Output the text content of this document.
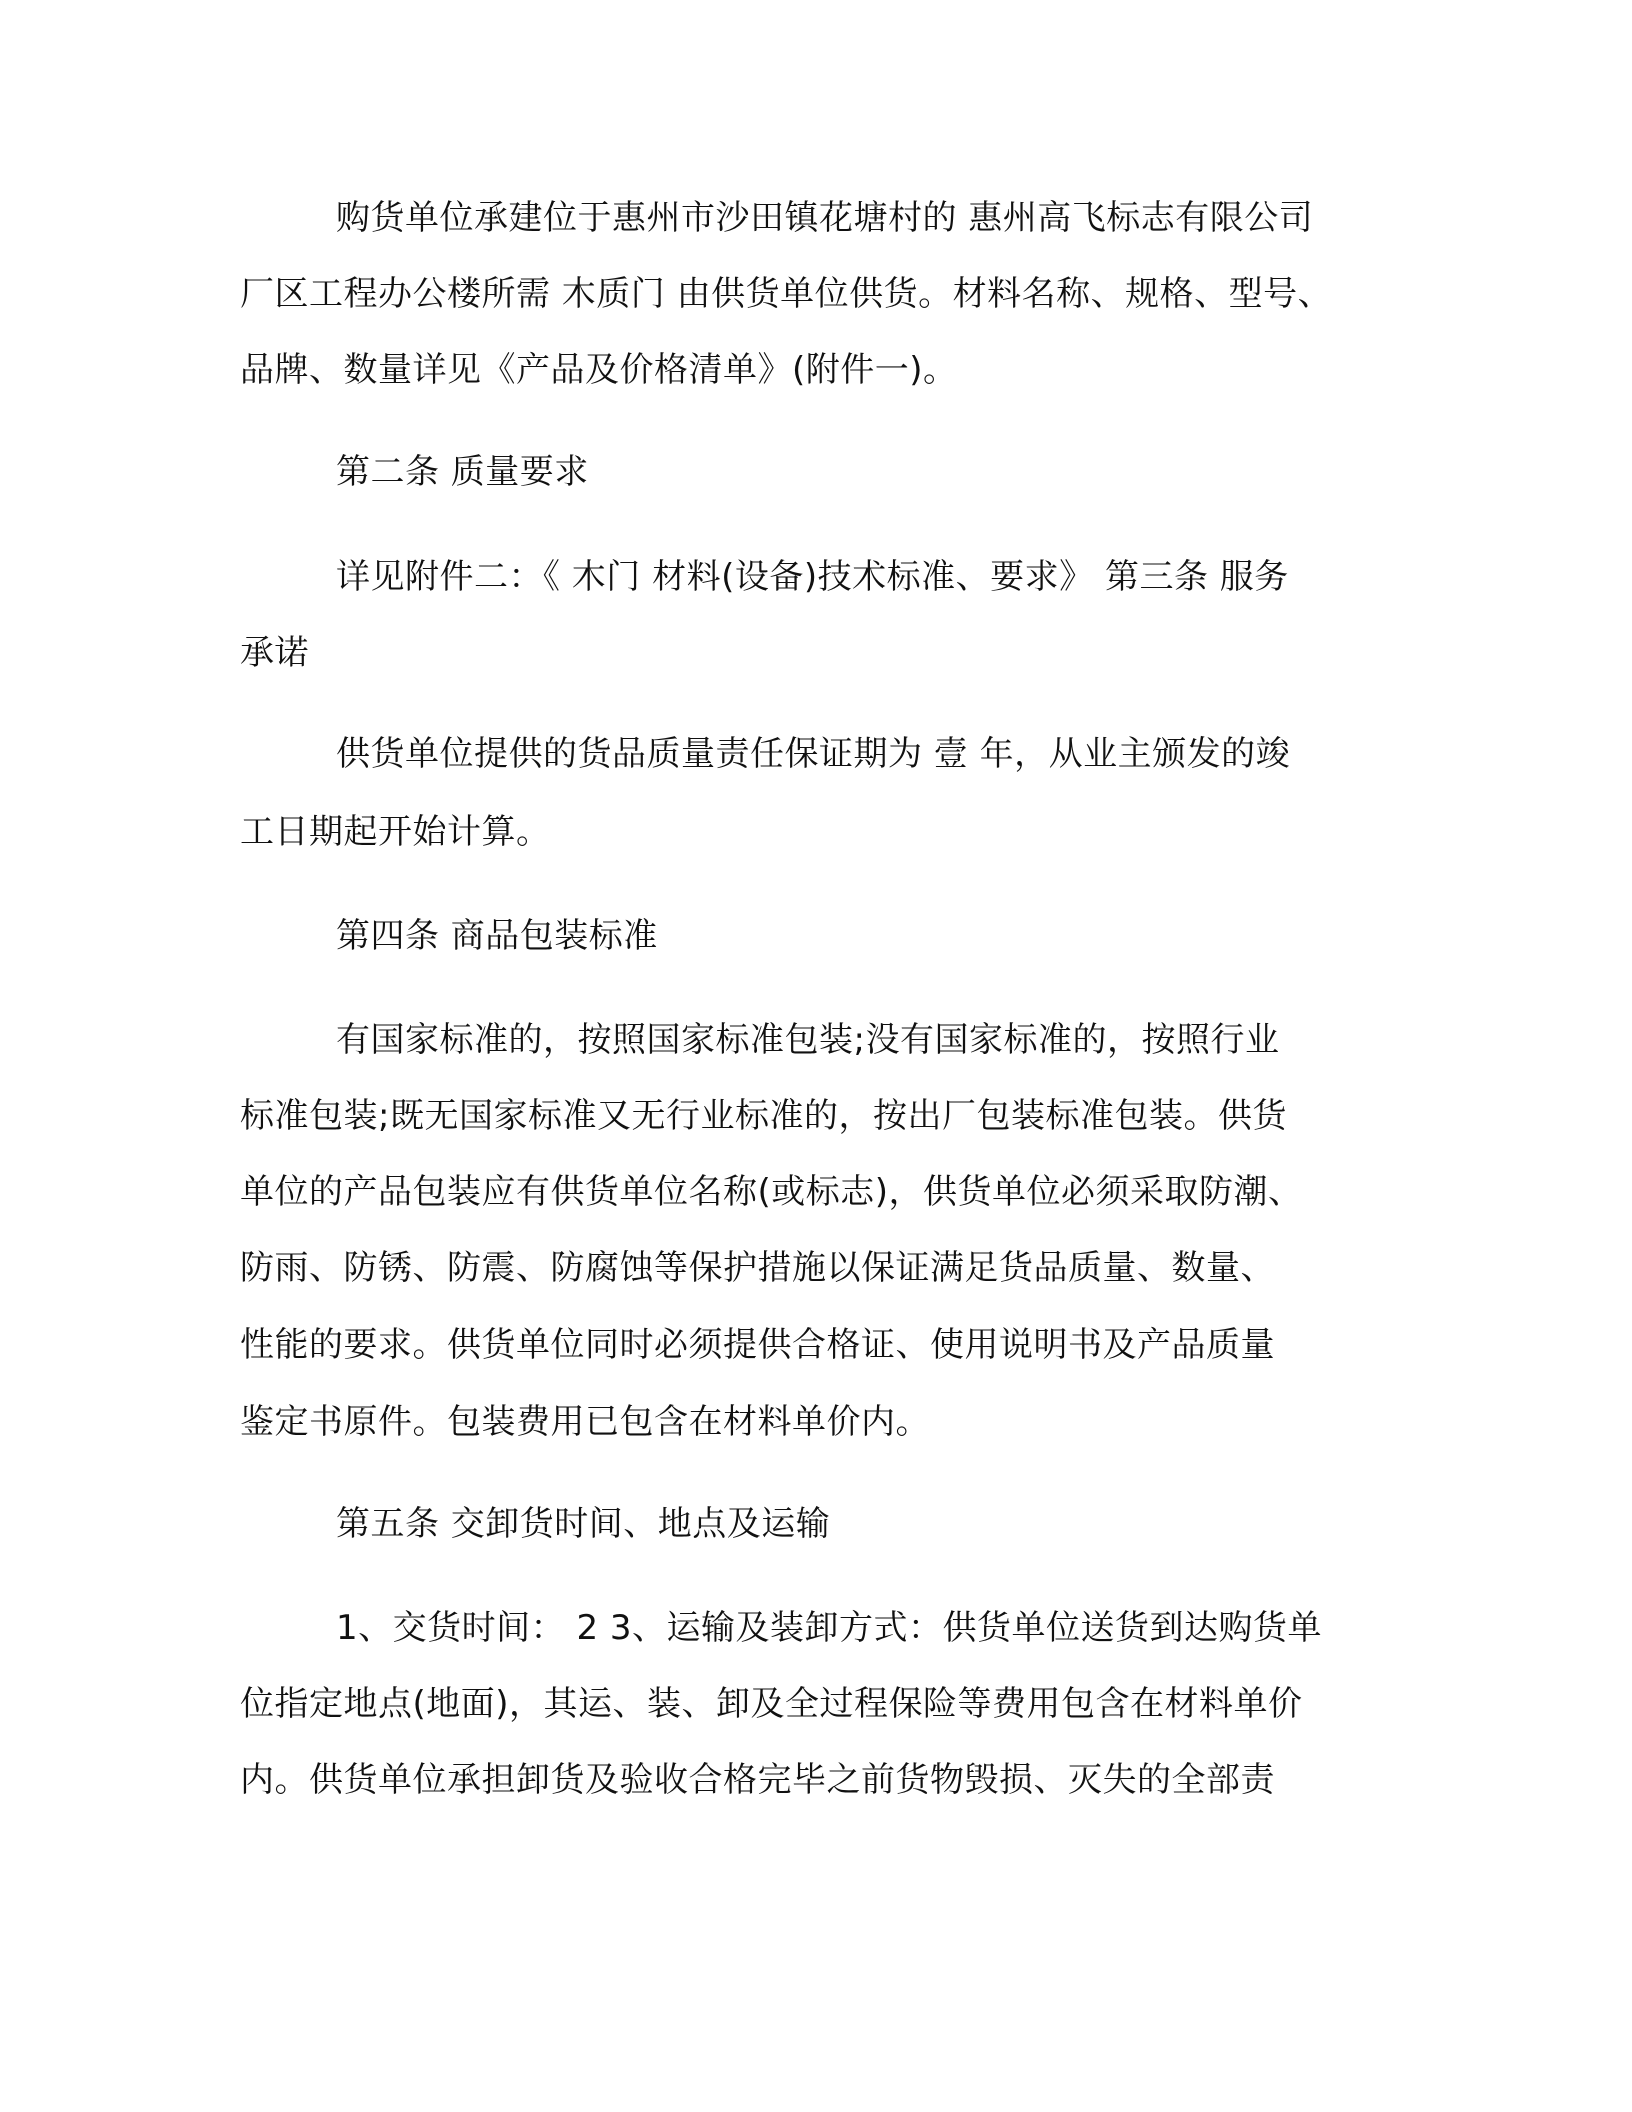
购货单位承建位于惠州市沙田镇花塘村的 惠州高飞标志有限公司
厂区工程办公楼所需 木质门 由供货单位供货。材料名称、规格、型号、
品牌、数量详见《产品及价格清单》(附件一)。
第二条 质量要求
详见附件二：《 木门 材料(设备)技术标准、要求》 第三条 服务
承诺
供货单位提供的货品质量责任保证期为 壹 年，从业主颁发的竣
工日期起开始计算。
第四条 商品包装标准
有国家标准的，按照国家标准包装;没有国家标准的，按照行业
标准包装;既无国家标准又无行业标准的，按出厂包装标准包装。供货
单位的产品包装应有供货单位名称(或标志)，供货单位必须采取防潮、
防雨、防锈、防震、防腐蚀等保护措施以保证满足货品质量、数量、
性能的要求。供货单位同时必须提供合格证、使用说明书及产品质量
鉴定书原件。包装费用已包含在材料单价内。
第五条 交卸货时间、地点及运输
1、交货时间： 2 3、运输及装卸方式：供货单位送货到达购货单
位指定地点(地面)，其运、装、卸及全过程保险等费用包含在材料单价
内。供货单位承担卸货及验收合格完毕之前货物毁损、灭失的全部责
